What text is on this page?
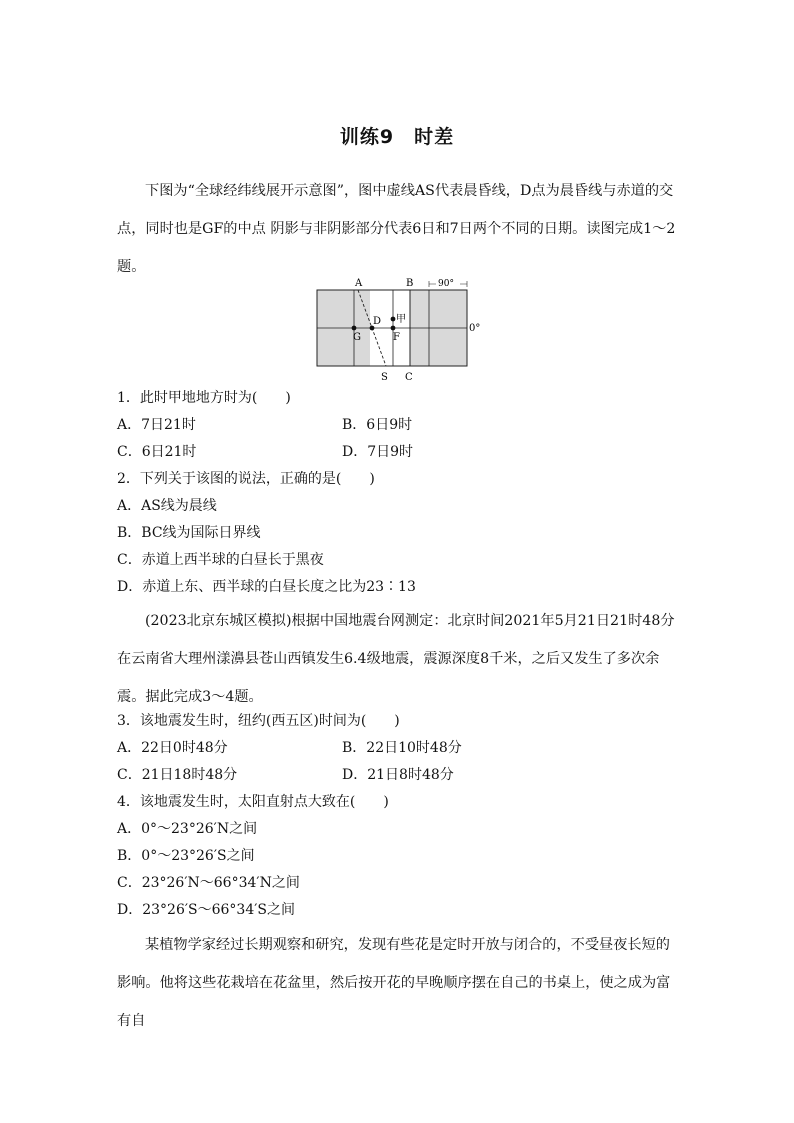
训练9　时差

下图为“全球经纬线展开示意图”，图中虚线AS代表晨昏线，D点为晨昏线与赤道的交点，同时也是GF的中点 阴影与非阴影部分代表6日和7日两个不同的日期。读图完成1～2题。

A	B	90°
甲
D
0°
G	F
S C
1．此时甲地地方时为(　　)
A．7日21时	B．6日9时
C．6日21时	D．7日9时
2．下列关于该图的说法，正确的是(　　)
A．AS线为晨线
B．BC线为国际日界线
C．赤道上西半球的白昼长于黑夜
D．赤道上东、西半球的白昼长度之比为23∶13

(2023北京东城区模拟)根据中国地震台网测定：北京时间2021年5月21日21时48分在云南省大理州漾濞县苍山西镇发生6.4级地震，震源深度8千米，之后又发生了多次余震。据此完成3～4题。

3．该地震发生时，纽约(西五区)时间为(　　)
A．22日0时48分	B．22日10时48分
C．21日18时48分	D．21日8时48分
4．该地震发生时，太阳直射点大致在(　　)
A．0°～23°26′N之间
B．0°～23°26′S之间
C．23°26′N～66°34′N之间
D．23°26′S～66°34′S之间

某植物学家经过长期观察和研究，发现有些花是定时开放与闭合的，不受昼夜长短的影响。他将这些花栽培在花盆里，然后按开花的早晚顺序摆在自己的书桌上，使之成为富有自
